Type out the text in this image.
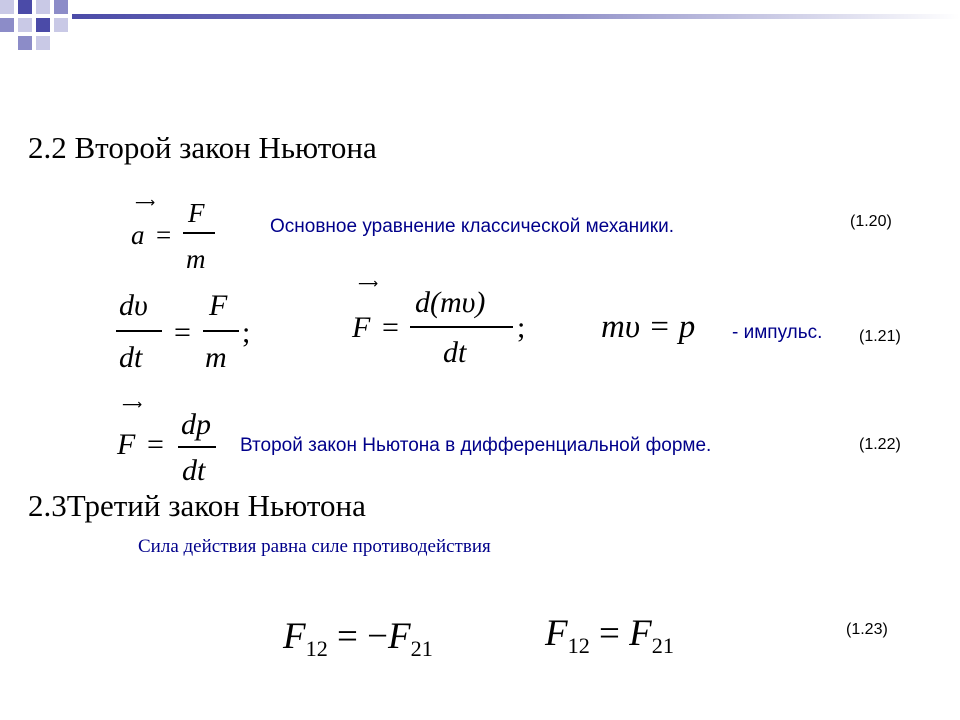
2.2 Второй закон Ньютона
⟶
a =
F
m
Основное уравнение классической механики.	(1.20)
dυ
dt
=
F
m
;
⟶
F =
d(mυ)
dt
; mυ = p - импульс. (1.21)
⟶
F =
dp
dt
Второй закон Ньютона в дифференциальной форме.	(1.22)
2.3Третий закон Ньютона
Сила действия равна силе противодействия
$F_{12} = -F_{21}$	$F_{12} = F_{21}$
(1.23)
